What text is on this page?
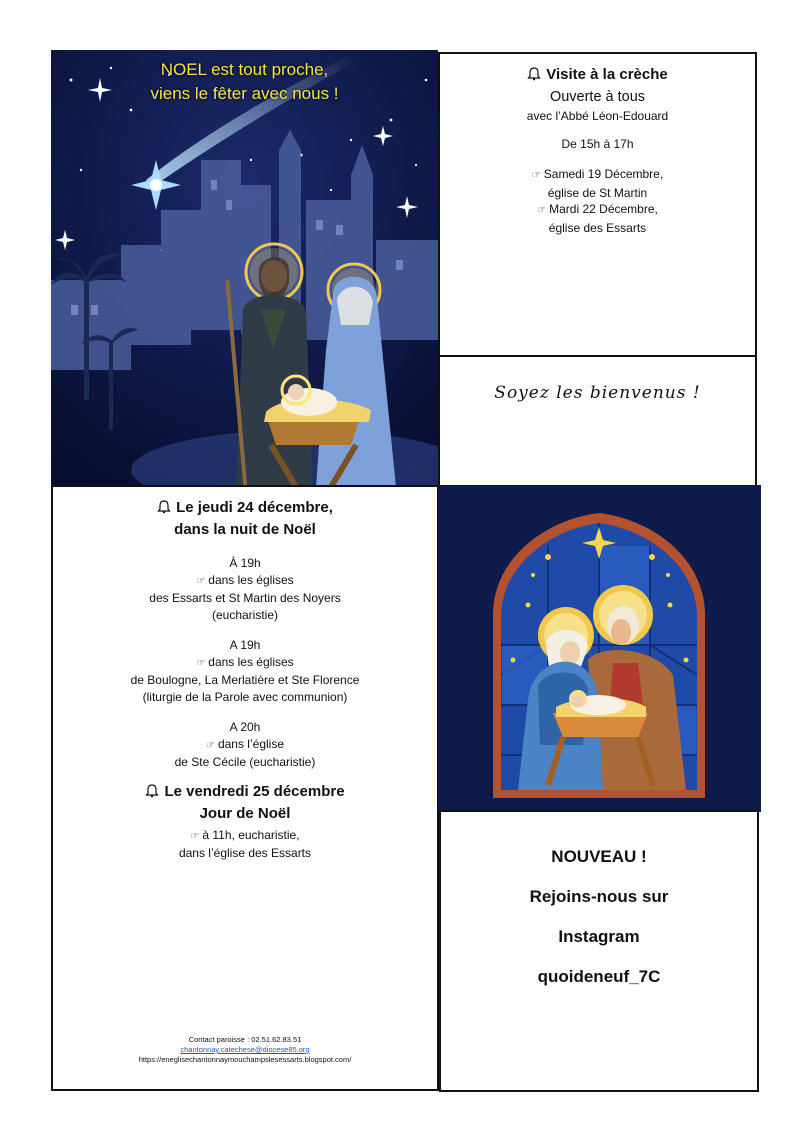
NOEL est tout proche,
viens le fêter avec nous !
Visite à la crèche
Ouverte à tous
avec l’Abbé Léon-Edouard
De 15h à 17h
☞ Samedi 19 Décembre,
église de St Martin
☞ Mardi 22 Décembre,
église des Essarts
Soyez les bienvenus !
Le jeudi 24 décembre,
dans la nuit de Noël
À 19h
☞ dans les églises
des Essarts et St Martin des Noyers
(eucharistie)
A 19h
☞ dans les églises
de Boulogne, La Merlatière et Ste Florence
(liturgie de la Parole avec communion)
A 20h
☞ dans l’église
de Ste Cécile (eucharistie)
Le vendredi 25 décembre
Jour de Noël
☞ à 11h, eucharistie,
dans l’église des Essarts
Contact paroisse : 02.51.62.83.51
chantonnay.catechese@diocese85.org
https://eneglisechantonnaymouchampslesessarts.blogspot.com/
NOUVEAU !
Rejoins-nous sur
Instagram
quoideneuf_7C
